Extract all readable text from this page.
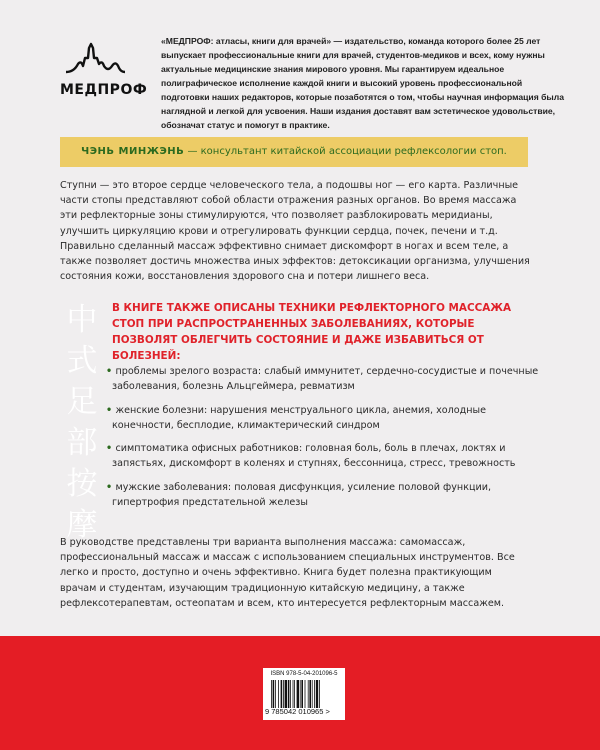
МЕДПРОФ
«МЕДПРОФ: атласы, книги для врачей» — издательство, команда которого более 25 лет выпускает профессиональные книги для врачей, студентов-медиков и всех, кому нужны актуальные медицинские знания мирового уровня. Мы гарантируем идеальное полиграфическое исполнение каждой книги и высокий уровень профессиональной подготовки наших редакторов, которые позаботятся о том, чтобы научная информация была наглядной и легкой для усвоения. Наши издания доставят вам эстетическое удовольствие, обозначат статус и помогут в практике.
ЧЭНЬ МИНЖЭНЬ — консультант китайской ассоциации рефлексологии стоп.
Ступни — это второе сердце человеческого тела, а подошвы ног — его карта. Различные части стопы представляют собой области отражения разных органов. Во время массажа эти рефлекторные зоны стимулируются, что позволяет разблокировать меридианы, улучшить циркуляцию крови и отрегулировать функции сердца, почек, печени и т.д. Правильно сделанный массаж эффективно снимает дискомфорт в ногах и всем теле, а также позволяет достичь множества иных эффектов: детоксикации организма, улучшения состояния кожи, восстановления здорового сна и потери лишнего веса.
中式足部按摩
В КНИГЕ ТАКЖЕ ОПИСАНЫ ТЕХНИКИ РЕФЛЕКТОРНОГО МАССАЖА СТОП ПРИ РАСПРОСТРАНЕННЫХ ЗАБОЛЕВАНИЯХ, КОТОРЫЕ ПОЗВОЛЯТ ОБЛЕГЧИТЬ СОСТОЯНИЕ И ДАЖЕ ИЗБАВИТЬСЯ ОТ БОЛЕЗНЕЙ:
• проблемы зрелого возраста: слабый иммунитет, сердечно-сосудистые и почечные заболевания, болезнь Альцгеймера, ревматизм
• женские болезни: нарушения менструального цикла, анемия, холодные конечности, бесплодие, климактерический синдром
• симптоматика офисных работников: головная боль, боль в плечах, локтях и запястьях, дискомфорт в коленях и ступнях, бессонница, стресс, тревожность
• мужские заболевания: половая дисфункция, усиление половой функции, гипертрофия предстательной железы
В руководстве представлены три варианта выполнения массажа: самомассаж, профессиональный массаж и массаж с использованием специальных инструментов. Все легко и просто, доступно и очень эффективно. Книга будет полезна практикующим врачам и студентам, изучающим традиционную китайскую медицину, а также рефлексотерапевтам, остеопатам и всем, кто интересуется рефлекторным массажем.
ISBN 978-5-04-201096-5
9 785042 010965 >
